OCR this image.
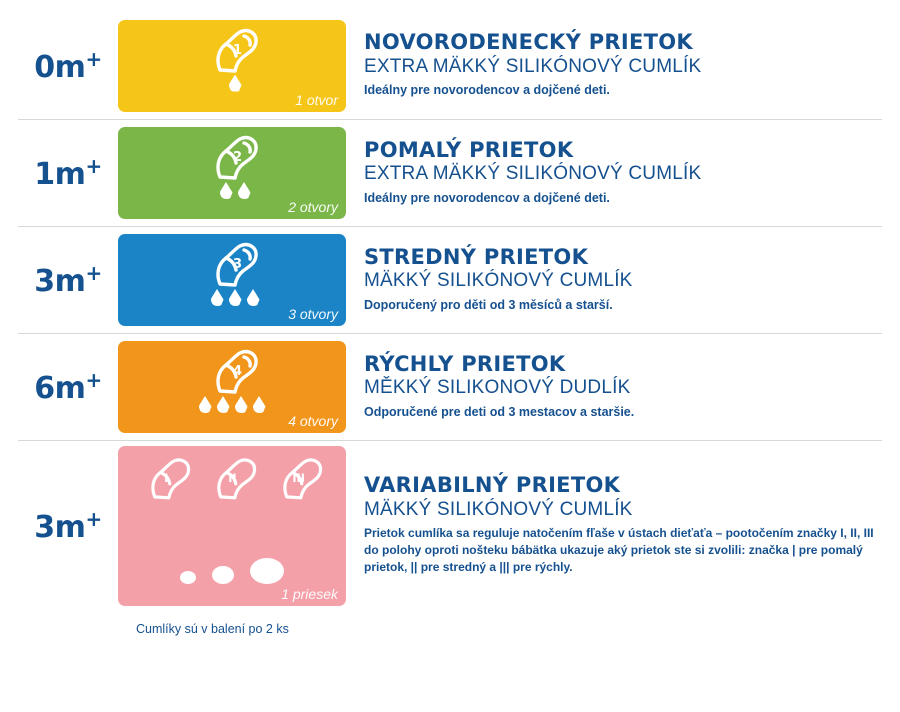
0m+	1
1 otvor
NOVORODENECKÝ PRIETOK
EXTRA MÄKKÝ SILIKÓNOVÝ CUMLÍK
Ideálny pre novorodencov a dojčené deti.
1m+	2
2 otvory
POMALÝ PRIETOK
EXTRA MÄKKÝ SILIKÓNOVÝ CUMLÍK
Ideálny pre novorodencov a dojčené deti.
3m+	3
3 otvory
STREDNÝ PRIETOK
MÄKKÝ SILIKÓNOVÝ CUMLÍK
Doporučený pro děti od 3 měsíců a starší.
6m+	4
4 otvory
RÝCHLY PRIETOK
MĚKKÝ SILIKONOVÝ DUDLÍK
Odporučené pre deti od 3 mestacov a staršie.
3m+
I	II	III
1 priesek
VARIABILNÝ PRIETOK
MÄKKÝ SILIKÓNOVÝ CUMLÍK
Prietok cumlíka sa reguluje natočením fľaše v ústach dieťaťa – pootočením značky I, II, III do polohy oproti nošteku bábätka ukazuje aký prietok ste si zvolili: značka | pre pomalý prietok, || pre stredný a ||| pre rýchly.
Cumlíky sú v balení po 2 ks
